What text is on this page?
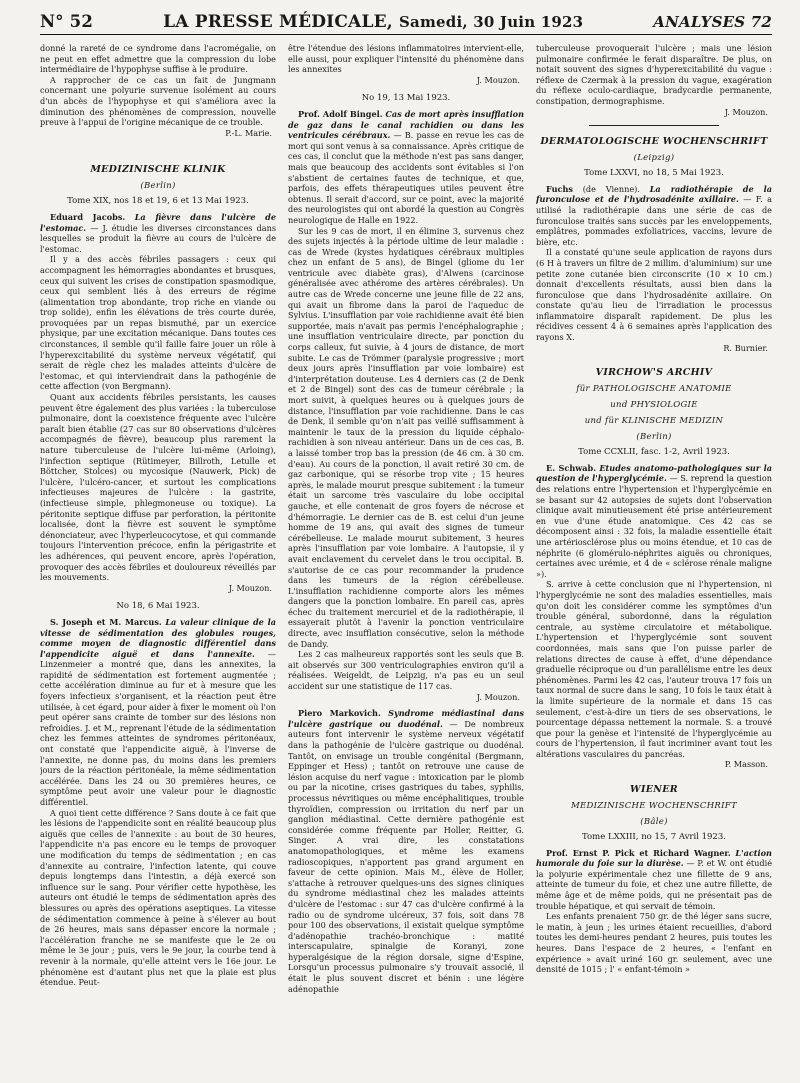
N° 52	LA PRESSE MÉDICALE, Samedi, 30 Juin 1923	ANALYSES 72

donné la rareté de ce syndrome dans l'acromégalie, on ne peut en effet admettre que la compression du lobe intermédiaire de l'hypophyse suffise à le produire.

A rapprocher de ce cas un fait de Jungmann concernant une polyurie survenue isolément au cours d'un abcès de l'hypophyse et qui s'améliora avec la diminution des phénomènes de compression, nouvelle preuve à l'appui de l'origine mécanique de ce trouble.

P.-L. Marie.
MEDIZINISCHE KLINIK
(Berlin)
Tome XIX, nos 18 et 19, 6 et 13 Mai 1923.

Eduard Jacobs. La fièvre dans l'ulcère de l'estomac. — J. étudie les diverses circonstances dans lesquelles se produit la fièvre au cours de l'ulcère de l'estomac.

Il y a des accès fébriles passagers : ceux qui accompagnent les hémorragies abondantes et brusques, ceux qui suivent les crises de constipation spasmodique, ceux qui semblent liés à des erreurs de régime (alimentation trop abondante, trop riche en viande ou trop solide), enfin les élévations de très courte durée, provoquées par un repas bismuthé, par un exercice physique, par une excitation mécanique. Dans toutes ces circonstances, il semble qu'il faille faire jouer un rôle à l'hyperexcitabilité du système nerveux végétatif, qui serait de règle chez les malades atteints d'ulcère de l'estomac, et qui interviendrait dans la pathogénie de cette affection (von Bergmann).

Quant aux accidents fébriles persistants, les causes peuvent être également des plus variées : la tuberculose pulmonaire, dont la coexistence fréquente avec l'ulcère paraît bien établie (27 cas sur 80 observations d'ulcères accompagnés de fièvre), beaucoup plus rarement la nature tuberculeuse de l'ulcère lui-même (Arloing), l'infection septique (Rütimeyer, Billroth, Letulle et Böttcher, Stolces) ou mycosique (Nauwerk, Pick) de l'ulcère, l'ulcéro-cancer, et surtout les complications infectieuses majeures de l'ulcère : la gastrite, (infectieuse simple, phlegmoneuse ou toxique). La péritonite septique diffuse par perforation, la péritonite localisée, dont la fièvre est souvent le symptôme dénonciateur, avec l'hyperleucocytose, et qui commande toujours l'intervention précoce, enfin la périgastrite et les adhérences, qui peuvent encore, après l'opération, provoquer des accès fébriles et douloureux réveillés par les mouvements.

J. Mouzon.
No 18, 6 Mai 1923.

S. Joseph et M. Marcus. La valeur clinique de la vitesse de sédimentation des globules rouges, comme moyen de diagnostic différentiel dans l'appendicite aiguë et dans l'annexite. — Linzenmeier a montré que, dans les annexites, la rapidité de sédimentation est fortement augmentée ; cette accélération diminue au fur et à mesure que les foyers infectieux s'organisent, et la réaction peut être utilisée, à cet égard, pour aider à fixer le moment où l'on peut opérer sans crainte de tomber sur des lésions non refroidies. J. et M., reprenant l'étude de la sédimentation chez les femmes atteintes de syndromes péritonéaux, ont constaté que l'appendicite aiguë, à l'inverse de l'annexite, ne donne pas, du moins dans les premiers jours de la réaction péritonéale, la même sédimentation accélérée. Dans les 24 ou 30 premières heures, ce symptôme peut avoir une valeur pour le diagnostic différentiel.

A quoi tient cette différence ? Sans doute à ce fait que les lésions de l'appendicite sont en réalité beaucoup plus aiguës que celles de l'annexite : au bout de 30 heures, l'appendicite n'a pas encore eu le temps de provoquer une modification du temps de sédimentation ; en cas d'annexite au contraire, l'infection latente, qui couve depuis longtemps dans l'intestin, a déjà exercé son influence sur le sang. Pour vérifier cette hypothèse, les auteurs ont étudié le temps de sédimentation après des blessures ou après des opérations aseptiques. La vitesse de sédimentation commence à peine à s'élever au bout de 26 heures, mais sans dépasser encore la normale ; l'accélération franche ne se manifeste que le 2e ou même le 3e jour ; puis, vers le 9e jour, la courbe tend à revenir à la normale, qu'elle atteint vers le 16e jour. Le phénomène est d'autant plus net que la plaie est plus étendue. Peut-

être l'étendue des lésions inflammatoires intervient-elle, elle aussi, pour expliquer l'intensité du phénomène dans les annexites

J. Mouzon.
No 19, 13 Mai 1923.

Prof. Adolf Bingel. Cas de mort après insufflation de gaz dans le canal rachidien ou dans les ventricules cérébraux. — B. passe en revue les cas de mort qui sont venus à sa connaissance. Après critique de ces cas, il conclut que la méthode n'est pas sans danger, mais que beaucoup des accidents sont évitables si l'on s'abstient de certaines fautes de technique, et que, parfois, des effets thérapeutiques utiles peuvent être obtenus. Il serait d'accord, sur ce point, avec la majorité des neurologistes qui ont abordé la question au Congrès neurologique de Halle en 1922.

Sur les 9 cas de mort, il en élimine 3, survenus chez des sujets injectés à la période ultime de leur maladie : cas de Wrede (kystes hydatiques cérébraux multiples chez un enfant de 5 ans), de Bingel (gliome du 1er ventricule avec diabète gras), d'Alwens (carcinose généralisée avec athérome des artères cérébrales). Un autre cas de Wrede concerne une jeune fille de 22 ans, qui avait un fibrome dans la paroi de l'aqueduc de Sylvius. L'insufflation par voie rachidienne avait été bien supportée, mais n'avait pas permis l'encéphalographie ; une insufflation ventriculaire directe, par ponction du corps calleux, fut suivie, à 4 jours de distance, de mort subite. Le cas de Trömmer (paralysie progressive ; mort deux jours après l'insufflation par voie lombaire) est d'interprétation douteuse. Les 4 derniers cas (2 de Denk et 2 de Bingel) sont des cas de tumeur cérébrale ; la mort suivit, à quelques heures ou à quelques jours de distance, l'insufflation par voie rachidienne. Dans le cas de Denk, il semble qu'on n'ait pas veillé suffisamment à maintenir le taux de la pression du liquide céphalo-rachidien à son niveau antérieur. Dans un de ces cas, B. a laissé tomber trop bas la pression (de 46 cm. à 30 cm. d'eau). Au cours de la ponction, il avait retiré 30 cm. de gaz carbonique, qui se résorbe trop vite ; 15 heures après, le malade mourut presque subitement : la tumeur était un sarcome très vasculaire du lobe occipital gauche, et elle contenait de gros foyers de nécrose et d'hémorragie. Le dernier cas de B. est celui d'un jeune homme de 19 ans, qui avait des signes de tumeur cérébelleuse. Le malade mourut subitement, 3 heures après l'insufflation par voie lombaire. A l'autopsie, il y avait enclavement du cervelet dans le trou occipital. B. s'autorise de ce cas pour recommander la prudence dans les tumeurs de la région cérébelleuse. L'insufflation rachidienne comporte alors les mêmes dangers que la ponction lombaire. En pareil cas, après échec du traitement mercuriel et de la radiothérapie, il essayerait plutôt à l'avenir la ponction ventriculaire directe, avec insufflation consécutive, selon la méthode de Dandy.

Les 2 cas malheureux rapportés sont les seuls que B. ait observés sur 300 ventriculographies environ qu'il a réalisées. Weigeldt, de Leipzig, n'a pas eu un seul accident sur une statistique de 117 cas.

J. Mouzon.

Piero Markovich. Syndrome médiastinal dans l'ulcère gastrique ou duodénal. — De nombreux auteurs font intervenir le système nerveux végétatif dans la pathogénie de l'ulcère gastrique ou duodénal. Tantôt, on envisage un trouble congénital (Bergmann, Eppinger et Hess) ; tantôt on retrouve une cause de lésion acquise du nerf vague : intoxication par le plomb ou par la nicotine, crises gastriques du tabes, syphilis, processus névritiques ou même encéphalitiques, trouble thyroïdien, compression ou irritation du nerf par un ganglion médiastinal. Cette dernière pathogénie est considérée comme fréquente par Holler, Reitter, G. Singer. A vrai dire, les constatations anatomopathologiques, et même les examens radioscopiques, n'apportent pas grand argument en faveur de cette opinion. Mais M., élève de Holler, s'attache à retrouver quelques-uns des signes cliniques du syndrome médiastinal chez les malades atteints d'ulcère de l'estomac : sur 47 cas d'ulcère confirmé à la radio ou de syndrome ulcéreux, 37 fois, soit dans 78 pour 100 des observations, il existait quelque symptôme d'adénopathie trachéo-bronchique : matité interscapulaire, spinalgie de Koranyi, zone hyperalgésique de la région dorsale, signe d'Espine, Lorsqu'un processus pulmonaire s'y trouvait associé, il était le plus souvent discret et bénin : une légère adénopathie

tuberculeuse provoquerait l'ulcère ; mais une lésion pulmonaire confirmée le ferait disparaître. De plus, on notait souvent des signes d'hyperexcitabilité du vague : réflexe de Czermak à la pression du vague, exagération du réflexe oculo-cardiaque, bradycardie permanente, constipation, dermographisme.

J. Mouzon.
DERMATOLOGISCHE WOCHENSCHRIFT
(Leipzig)
Tome LXXVI, no 18, 5 Mai 1923.

Fuchs (de Vienne). La radiothérapie de la furonculose et de l'hydrosadénite axillaire. — F. a utilisé la radiothérapie dans une série de cas de furonculose traités sans succès par les enveloppements, emplâtres, pommades exfoliatrices, vaccins, levure de bière, etc.

Il a constaté qu'une seule application de rayons durs (6 H à travers un filtre de 2 millim. d'aluminium) sur une petite zone cutanée bien circonscrite (10 × 10 cm.) donnait d'excellents résultats, aussi bien dans la furonculose que dans l'hydrosadénite axillaire. On constate qu'au lieu de l'irradiation le processus inflammatoire disparaît rapidement. De plus les récidives cessent 4 à 6 semaines après l'application des rayons X.

R. Burnier.
VIRCHOW'S ARCHIV
für PATHOLOGISCHE ANATOMIE
und PHYSIOLOGIE
und für KLINISCHE MEDIZIN
(Berlin)
Tome CCXLII, fasc. 1-2, Avril 1923.

E. Schwab. Etudes anatomo-pathologiques sur la question de l'hyperglycémie. — S. reprend la question des relations entre l'hypertension et l'hyperglycémie en se basant sur 42 autopsies de sujets dont l'observation clinique avait minutieusement été prise antérieurement en vue d'une étude anatomique. Ces 42 cas se décomposent ainsi : 32 fois, la maladie essentielle était une artériosclérose plus ou moins étendue, et 10 cas de néphrite (6 glomérulo-néphrites aiguës ou chroniques, certaines avec urémie, et 4 de « sclérose rénale maligne »).

S. arrive à cette conclusion que ni l'hypertension, ni l'hyperglycémie ne sont des maladies essentielles, mais qu'on doit les considérer comme les symptômes d'un trouble général, subordonné, dans la régulation centrale, au système circulatoire et métabolique. L'hypertension et l'hyperglycémie sont souvent coordonnées, mais sans que l'on puisse parler de relations directes de cause à effet, d'une dépendance graduelle réciproque ou d'un parallélisme entre les deux phénomènes. Parmi les 42 cas, l'auteur trouva 17 fois un taux normal de sucre dans le sang, 10 fois le taux était à la limite supérieure de la normale et dans 15 cas seulement, c'est-à-dire un tiers de ses observations, le pourcentage dépassa nettement la normale. S. a trouvé que pour la genèse et l'intensité de l'hyperglycémie au cours de l'hypertension, il faut incriminer avant tout les altérations vasculaires du pancréas.

P. Masson.
WIENER
MEDIZINISCHE WOCHENSCHRIFT
(Bâle)
Tome LXXIII, no 15, 7 Avril 1923.

Prof. Ernst P. Pick et Richard Wagner. L'action humorale du foie sur la diurèse. — P. et W. ont étudié la polyurie expérimentale chez une fillette de 9 ans, atteinte de tumeur du foie, et chez une autre fillette, de même âge et de même poids, qui ne présentait pas de trouble hépatique, et qui servait de témoin.

Les enfants prenaient 750 gr. de thé léger sans sucre, le matin, à jeun ; les urines étaient recueillies, d'abord toutes les demi-heures pendant 2 heures, puis toutes les heures. Dans l'espace de 2 heures, « l'enfant en expérience » avait uriné 160 gr. seulement, avec une densité de 1015 ; l' « enfant-témoin »
